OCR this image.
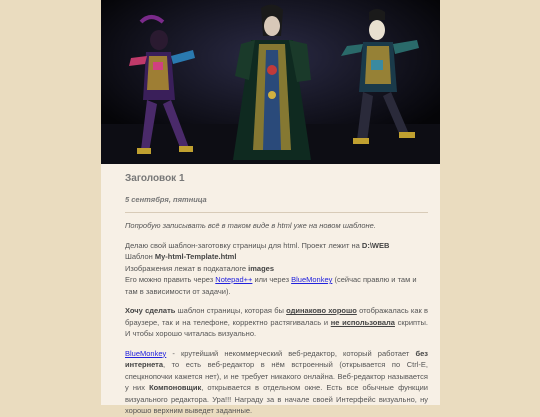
Заголовок 1
5 сентября, пятница
Попробую записывать всё в таком виде в html уже на новом шаблоне.
Делаю свой шаблон-заготовку страницы для html. Проект лежит на D:\WEB
Шаблон My-html-Template.html
Изображения лежат в подкаталоге images
Его можно править через Notepad++ или через BlueMonkey (сейчас правлю и там и там в зависимости от задачи).
Хочу сделать шаблон страницы, которая бы одинаково хорошо отображалась как в браузере, так и на телефоне, корректно растягивалась и не использовала скрипты. И чтобы хорошо читалась визуально.
BlueMonkey - крутейший некоммерческий веб-редактор, который работает без интернета, то есть веб-редактор в нём встроенный (открывается по Ctrl-E, спецкнопочки кажется нет), и не требует никакого онлайна. Веб-редактор называется у них Компоновщик, открывается в отдельном окне. Есть все обычные функции визуального редактора. Ура!!! Награду за в начале своей Интерфейс визуально, ну хорошо верхним выведет заданные.
